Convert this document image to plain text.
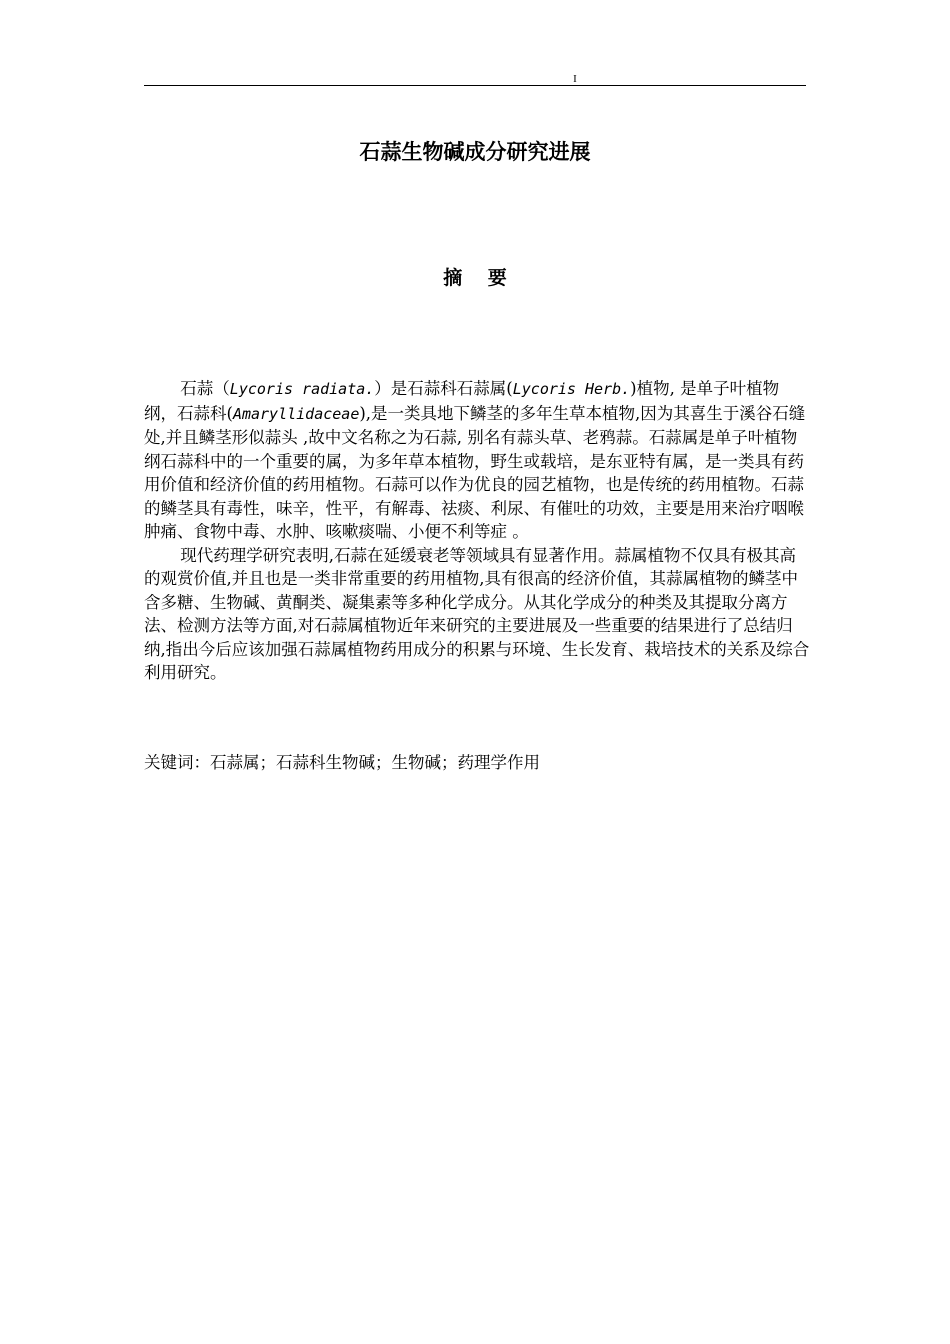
I
石蒜生物碱成分研究进展
摘 要

石蒜（Lycoris radiata.）是石蒜科石蒜属(Lycoris Herb.)植物, 是单子叶植物纲，石蒜科(Amaryllidaceae),是一类具地下鳞茎的多年生草本植物,因为其喜生于溪谷石缝处,并且鳞茎形似蒜头 ,故中文名称之为石蒜, 别名有蒜头草、老鸦蒜。石蒜属是单子叶植物纲石蒜科中的一个重要的属，为多年草本植物，野生或载培，是东亚特有属，是一类具有药用价值和经济价值的药用植物。石蒜可以作为优良的园艺植物，也是传统的药用植物。石蒜的鳞茎具有毒性，味辛，性平，有解毒、祛痰、利尿、有催吐的功效，主要是用来治疗咽喉肿痛、食物中毒、水肿、咳嗽痰喘、小便不利等症 。

现代药理学研究表明,石蒜在延缓衰老等领域具有显著作用。蒜属植物不仅具有极其高的观赏价值,并且也是一类非常重要的药用植物,具有很高的经济价值，其蒜属植物的鳞茎中含多糖、生物碱、黄酮类、凝集素等多种化学成分。从其化学成分的种类及其提取分离方法、检测方法等方面,对石蒜属植物近年来研究的主要进展及一些重要的结果进行了总结归纳,指出今后应该加强石蒜属植物药用成分的积累与环境、生长发育、栽培技术的关系及综合利用研究。

关键词：石蒜属；石蒜科生物碱；生物碱；药理学作用
